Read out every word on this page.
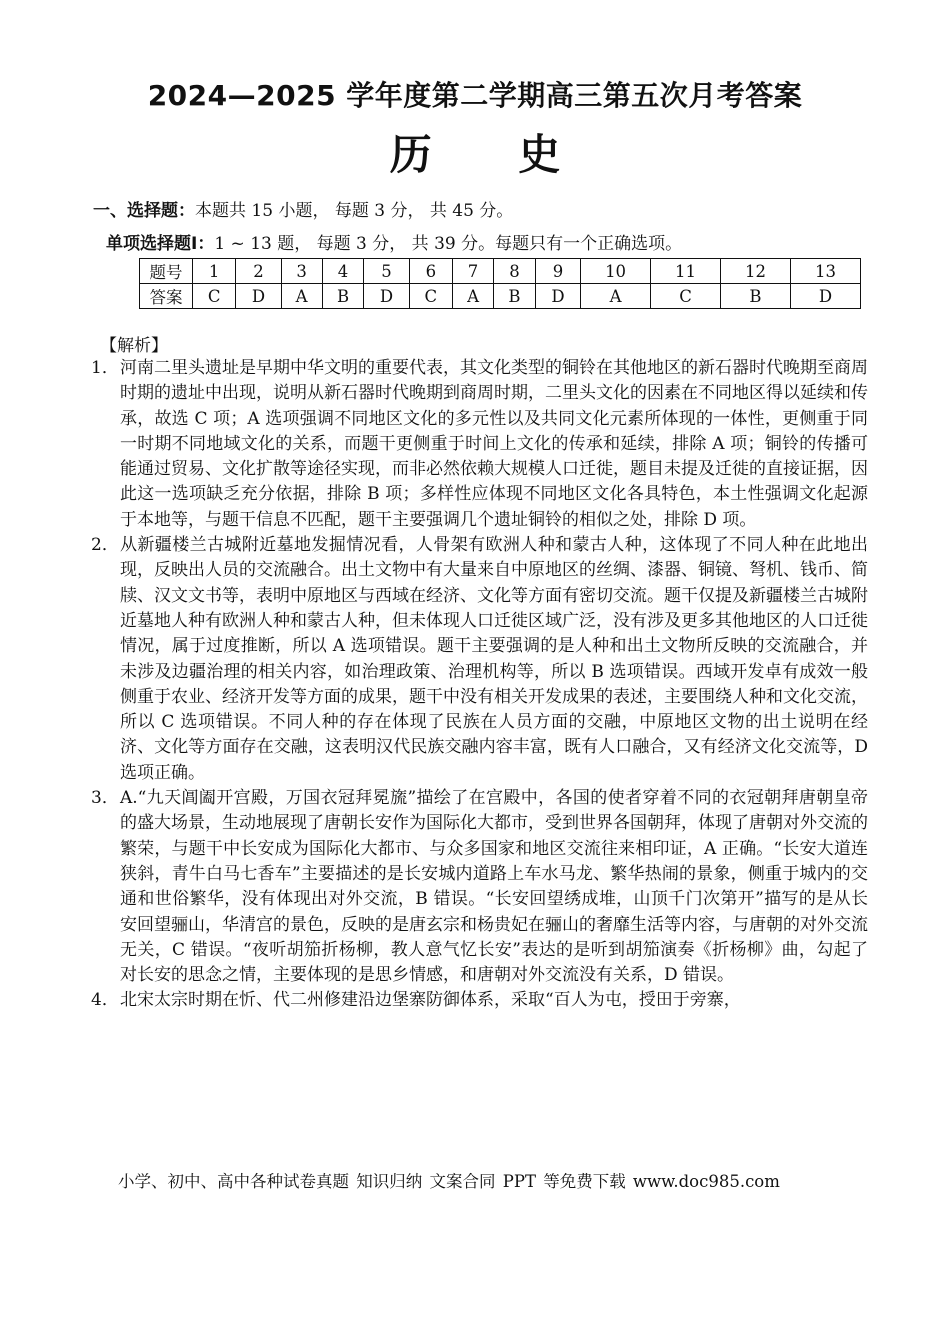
2024—2025 学年度第二学期高三第五次月考答案
历 史
一、选择题：本题共 15 小题， 每题 3 分， 共 45 分。
单项选择题Ⅰ：1 ~ 13 题， 每题 3 分， 共 39 分。每题只有一个正确选项。
题号	1	2	3	4	5	6	7	8	9	10	11	12	13
答案	C	D	A	B	D	C	A	B	D	A	C	B	D
【解析】

1． 河南二里头遗址是早期中华文明的重要代表，其文化类型的铜铃在其他地区的新石器时代晚期至商周时期的遗址中出现，说明从新石器时代晚期到商周时期，二里头文化的因素在不同地区得以延续和传承，故选 C 项；A 选项强调不同地区文化的多元性以及共同文化元素所体现的一体性，更侧重于同一时期不同地域文化的关系，而题干更侧重于时间上文化的传承和延续，排除 A 项；铜铃的传播可能通过贸易、文化扩散等途径实现，而非必然依赖大规模人口迁徙，题目未提及迁徙的直接证据，因此这一选项缺乏充分依据，排除 B 项；多样性应体现不同地区文化各具特色，本土性强调文化起源于本地等，与题干信息不匹配，题干主要强调几个遗址铜铃的相似之处，排除 D 项。

2． 从新疆楼兰古城附近墓地发掘情况看，人骨架有欧洲人种和蒙古人种，这体现了不同人种在此地出现，反映出人员的交流融合。出土文物中有大量来自中原地区的丝绸、漆器、铜镜、弩机、钱币、简牍、汉文文书等，表明中原地区与西域在经济、文化等方面有密切交流。题干仅提及新疆楼兰古城附近墓地人种有欧洲人种和蒙古人种，但未体现人口迁徙区域广泛，没有涉及更多其他地区的人口迁徙情况，属于过度推断，所以 A 选项错误。题干主要强调的是人种和出土文物所反映的交流融合，并未涉及边疆治理的相关内容，如治理政策、治理机构等，所以 B 选项错误。西域开发卓有成效一般侧重于农业、经济开发等方面的成果，题干中没有相关开发成果的表述，主要围绕人种和文化交流，所以 C 选项错误。不同人种的存在体现了民族在人员方面的交融，中原地区文物的出土说明在经济、文化等方面存在交融，这表明汉代民族交融内容丰富，既有人口融合，又有经济文化交流等，D 选项正确。

3． A.“九天阊阖开宫殿，万国衣冠拜冕旒”描绘了在宫殿中，各国的使者穿着不同的衣冠朝拜唐朝皇帝的盛大场景，生动地展现了唐朝长安作为国际化大都市，受到世界各国朝拜，体现了唐朝对外交流的繁荣，与题干中长安成为国际化大都市、与众多国家和地区交流往来相印证，A 正确。“长安大道连狭斜，青牛白马七香车”主要描述的是长安城内道路上车水马龙、繁华热闹的景象，侧重于城内的交通和世俗繁华，没有体现出对外交流，B 错误。“长安回望绣成堆，山顶千门次第开”描写的是从长安回望骊山，华清宫的景色，反映的是唐玄宗和杨贵妃在骊山的奢靡生活等内容，与唐朝的对外交流无关，C 错误。“夜听胡笳折杨柳，教人意气忆长安”表达的是听到胡笳演奏《折杨柳》曲，勾起了对长安的思念之情，主要体现的是思乡情感，和唐朝对外交流没有关系，D 错误。

4． 北宋太宗时期在忻、代二州修建沿边堡寨防御体系，采取“百人为屯，授田于旁寨，

小学、初中、高中各种试卷真题 知识归纳 文案合同 PPT 等免费下载 www.doc985.com
